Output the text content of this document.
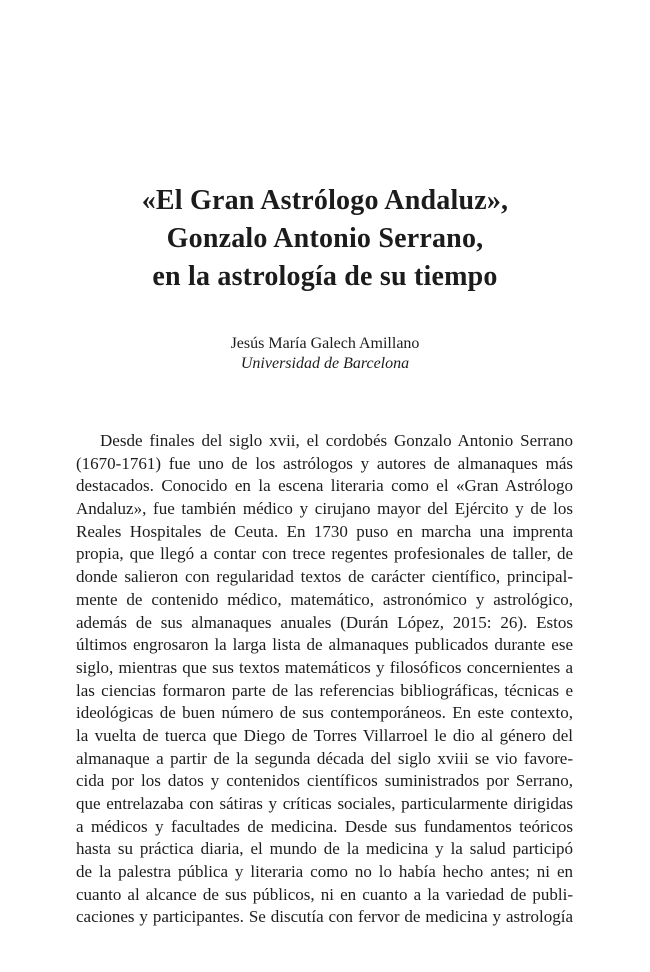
«El Gran Astrólogo Andaluz»,
Gonzalo Antonio Serrano,
en la astrología de su tiempo
Jesús María Galech Amillano
Universidad de Barcelona
Desde finales del siglo xvii, el cordobés Gonzalo Antonio Serrano
(1670-1761) fue uno de los astrólogos y autores de almanaques más
destacados. Conocido en la escena literaria como el «Gran Astrólogo
Andaluz», fue también médico y cirujano mayor del Ejército y de los
Reales Hospitales de Ceuta. En 1730 puso en marcha una imprenta
propia, que llegó a contar con trece regentes profesionales de taller, de
donde salieron con regularidad textos de carácter científico, principal-
mente de contenido médico, matemático, astronómico y astrológico,
además de sus almanaques anuales (Durán López, 2015: 26). Estos
últimos engrosaron la larga lista de almanaques publicados durante ese
siglo, mientras que sus textos matemáticos y filosóficos concernientes a
las ciencias formaron parte de las referencias bibliográficas, técnicas e
ideológicas de buen número de sus contemporáneos. En este contexto,
la vuelta de tuerca que Diego de Torres Villarroel le dio al género del
almanaque a partir de la segunda década del siglo xviii se vio favore-
cida por los datos y contenidos científicos suministrados por Serrano,
que entrelazaba con sátiras y críticas sociales, particularmente dirigidas
a médicos y facultades de medicina. Desde sus fundamentos teóricos
hasta su práctica diaria, el mundo de la medicina y la salud participó
de la palestra pública y literaria como no lo había hecho antes; ni en
cuanto al alcance de sus públicos, ni en cuanto a la variedad de publi-
caciones y participantes. Se discutía con fervor de medicina y astrología
